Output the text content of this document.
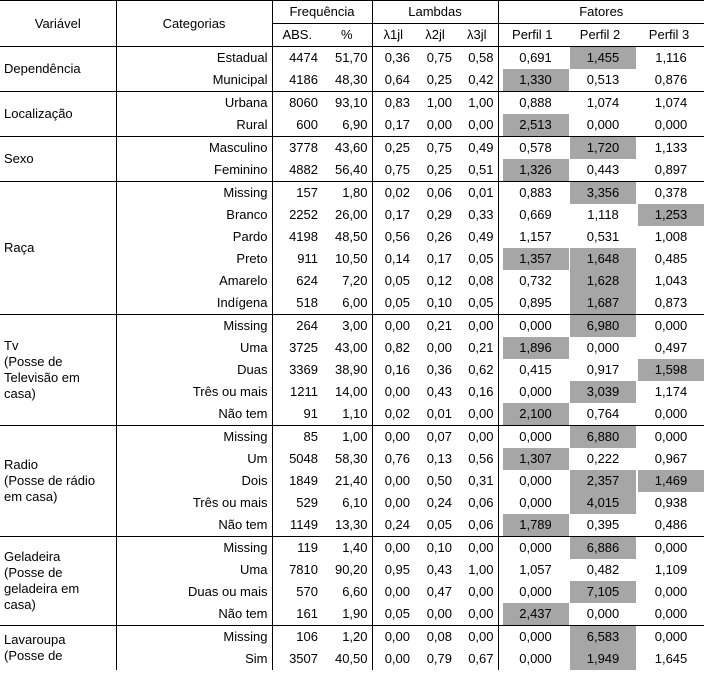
Variável	Categorias	Frequência		Lambdas			Fatores		
		ABS.	%	λ1jl	λ2jl	λ3jl	Perfil 1	Perfil 2	Perfil 3
Dependência	Estadual	4474	51,70	0,36	0,75	0,58	0,691	1,455	1,116
	Municipal	4186	48,30	0,64	0,25	0,42	1,330	0,513	0,876
Localização	Urbana	8060	93,10	0,83	1,00	1,00	0,888	1,074	1,074
	Rural	600	6,90	0,17	0,00	0,00	2,513	0,000	0,000
Sexo	Masculino	3778	43,60	0,25	0,75	0,49	0,578	1,720	1,133
	Feminino	4882	56,40	0,75	0,25	0,51	1,326	0,443	0,897
Raça	Missing	157	1,80	0,02	0,06	0,01	0,883	3,356	0,378
	Branco	2252	26,00	0,17	0,29	0,33	0,669	1,118	1,253
	Pardo	4198	48,50	0,56	0,26	0,49	1,157	0,531	1,008
	Preto	911	10,50	0,14	0,17	0,05	1,357	1,648	0,485
	Amarelo	624	7,20	0,05	0,12	0,08	0,732	1,628	1,043
	Indígena	518	6,00	0,05	0,10	0,05	0,895	1,687	0,873
Tv
(Posse de Televisão em casa)	Missing	264	3,00	0,00	0,21	0,00	0,000	6,980	0,000
	Uma	3725	43,00	0,82	0,00	0,21	1,896	0,000	0,497
	Duas	3369	38,90	0,16	0,36	0,62	0,415	0,917	1,598
	Três ou mais	1211	14,00	0,00	0,43	0,16	0,000	3,039	1,174
	Não tem	91	1,10	0,02	0,01	0,00	2,100	0,764	0,000
Radio
(Posse de rádio em casa)	Missing	85	1,00	0,00	0,07	0,00	0,000	6,880	0,000
	Um	5048	58,30	0,76	0,13	0,56	1,307	0,222	0,967
	Dois	1849	21,40	0,00	0,50	0,31	0,000	2,357	1,469
	Três ou mais	529	6,10	0,00	0,24	0,06	0,000	4,015	0,938
	Não tem	1149	13,30	0,24	0,05	0,06	1,789	0,395	0,486
Geladeira
(Posse de geladeira em casa)	Missing	119	1,40	0,00	0,10	0,00	0,000	6,886	0,000
	Uma	7810	90,20	0,95	0,43	1,00	1,057	0,482	1,109
	Duas ou mais	570	6,60	0,00	0,47	0,00	0,000	7,105	0,000
	Não tem	161	1,90	0,05	0,00	0,00	2,437	0,000	0,000
Lavaroupa
(Posse de	Missing	106	1,20	0,00	0,08	0,00	0,000	6,583	0,000
	Sim	3507	40,50	0,00	0,79	0,67	0,000	1,949	1,645
